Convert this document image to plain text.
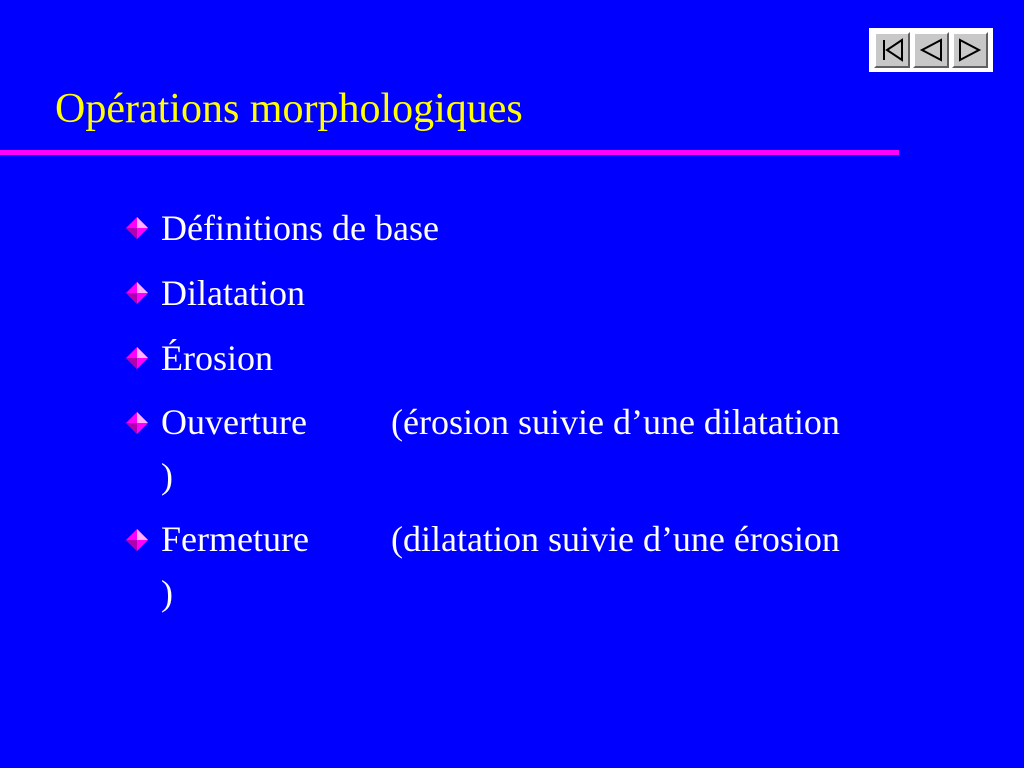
Opérations morphologiques
Définitions de base
Dilatation
Érosion
Ouverture (érosion suivie d’une dilatation
)
Fermeture (dilatation suivie d’une érosion
)
